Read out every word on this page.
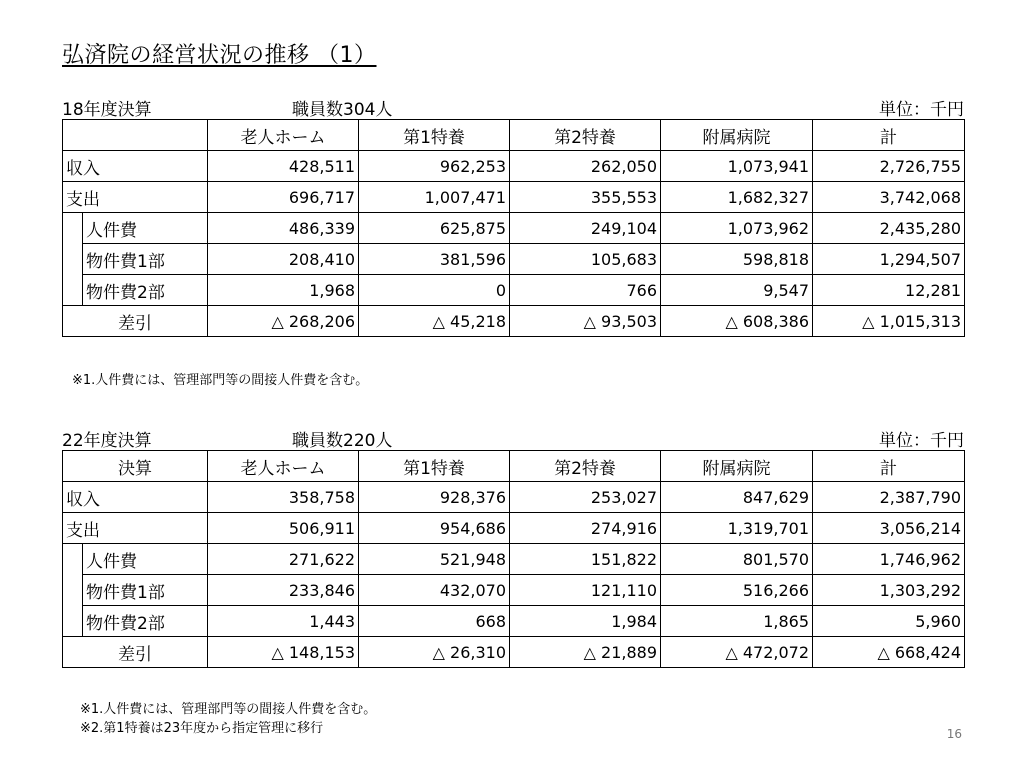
弘済院の経営状況の推移 （1）
18年度決算	職員数304人	単位：千円
		老人ホーム	第1特養	第2特養	附属病院	計
収入		428,511	962,253	262,050	1,073,941	2,726,755
支出		696,717	1,007,471	355,553	1,682,327	3,742,068
	人件費	486,339	625,875	249,104	1,073,962	2,435,280
	物件費1部	208,410	381,596	105,683	598,818	1,294,507
	物件費2部	1,968	0	766	9,547	12,281
差引		△ 268,206	△ 45,218	△ 93,503	△ 608,386	△ 1,015,313
※1.人件費には、管理部門等の間接人件費を含む。
22年度決算	職員数220人	単位：千円
決算		老人ホーム	第1特養	第2特養	附属病院	計
収入		358,758	928,376	253,027	847,629	2,387,790
支出		506,911	954,686	274,916	1,319,701	3,056,214
	人件費	271,622	521,948	151,822	801,570	1,746,962
	物件費1部	233,846	432,070	121,110	516,266	1,303,292
	物件費2部	1,443	668	1,984	1,865	5,960
差引		△ 148,153	△ 26,310	△ 21,889	△ 472,072	△ 668,424
※1.人件費には、管理部門等の間接人件費を含む。
※2.第1特養は23年度から指定管理に移行	16
